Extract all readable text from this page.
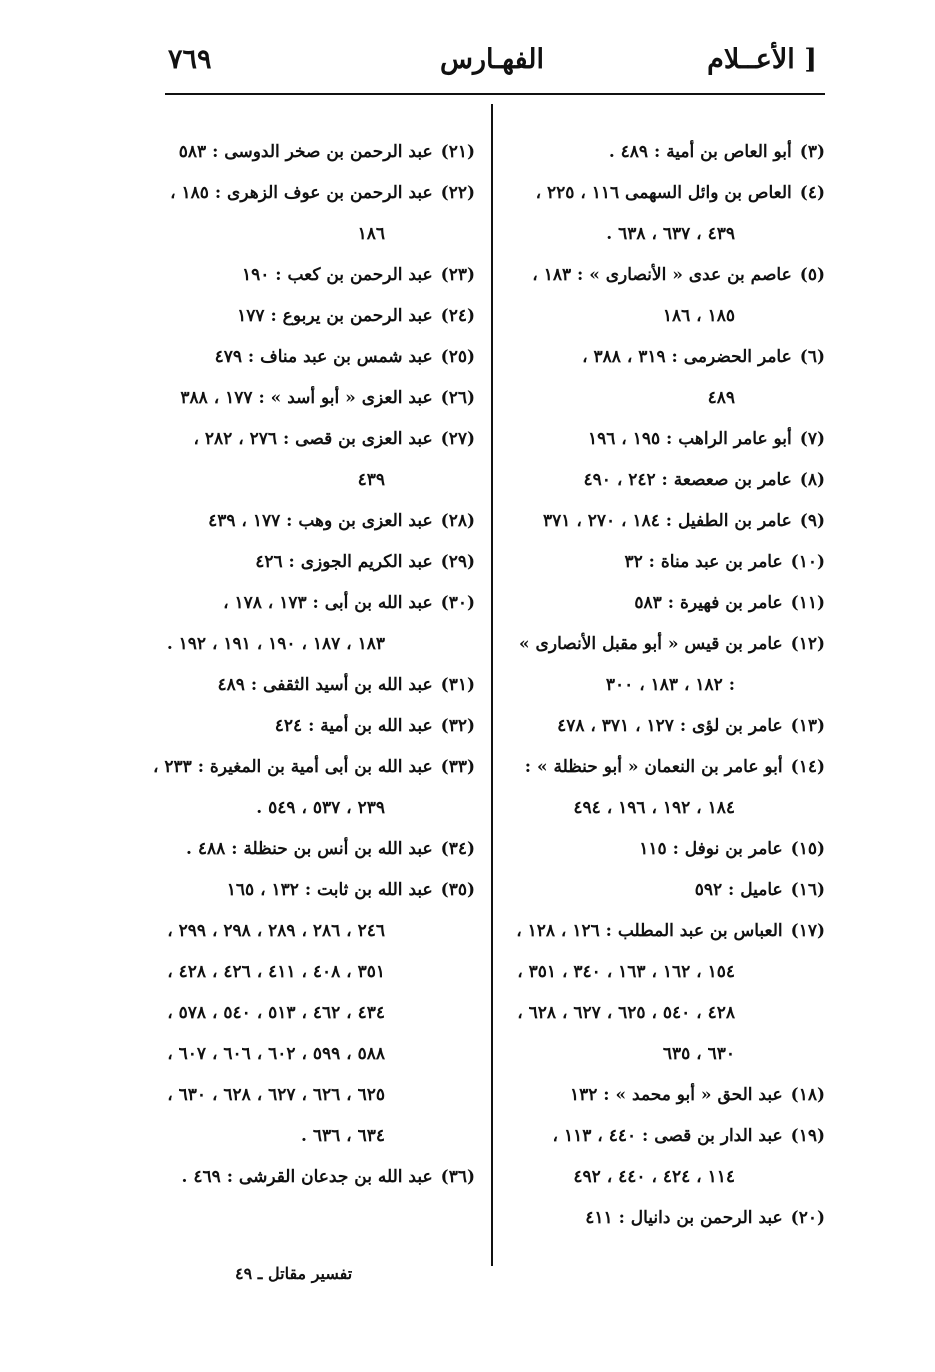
٧٦٩	الفهـارس	الأعــلام ]
(٣)أبو العاص بن أمية : ٤٨٩ .
(٤)العاص بن وائل السهمى ١١٦ ، ٢٢٥ ،
٤٣٩ ، ٦٣٧ ، ٦٣٨ .
(٥)عاصم بن عدى « الأنصارى » : ١٨٣ ،
١٨٥ ، ١٨٦
(٦)عامر الحضرمى : ٣١٩ ، ٣٨٨ ،
٤٨٩
(٧)أبو عامر الراهب : ١٩٥ ، ١٩٦
(٨)عامر بن صعصعة : ٢٤٢ ، ٤٩٠
(٩)عامر بن الطفيل : ١٨٤ ، ٢٧٠ ، ٣٧١
(١٠)عامر بن عبد مناة : ٣٢
(١١)عامر بن فهيرة : ٥٨٣
(١٢)عامر بن قيس « أبو مقبل الأنصارى »
: ١٨٢ ، ١٨٣ ، ٣٠٠
(١٣)عامر بن لؤى : ١٢٧ ، ٣٧١ ، ٤٧٨
(١٤)أبو عامر بن النعمان « أبو حنظلة » :
١٨٤ ، ١٩٢ ، ١٩٦ ، ٤٩٤
(١٥)عامر بن نوفل : ١١٥
(١٦)عاميل : ٥٩٢
(١٧)العباس بن عبد المطلب : ١٢٦ ، ١٢٨ ،
١٥٤ ، ١٦٢ ، ١٦٣ ، ٣٤٠ ، ٣٥١ ،
٤٢٨ ، ٥٤٠ ، ٦٢٥ ، ٦٢٧ ، ٦٢٨ ،
٦٣٠ ، ٦٣٥
(١٨)عبد الحق « أبو محمد » : ١٣٢
(١٩)عبد الدار بن قصى : ٤٤٠ ، ١١٣ ،
١١٤ ، ٤٢٤ ، ٤٤٠ ، ٤٩٢
(٢٠)عبد الرحمن بن دانيال : ٤١١
(٢١)عبد الرحمن بن صخر الدوسى : ٥٨٣
(٢٢)عبد الرحمن بن عوف الزهرى : ١٨٥ ،
١٨٦
(٢٣)عبد الرحمن بن كعب : ١٩٠
(٢٤)عبد الرحمن بن يربوع : ١٧٧
(٢٥)عبد شمس بن عبد مناف : ٤٧٩
(٢٦)عبد العزى « أبو أسد » : ١٧٧ ، ٣٨٨
(٢٧)عبد العزى بن قصى : ٢٧٦ ، ٢٨٢ ،
٤٣٩
(٢٨)عبد العزى بن وهب : ١٧٧ ، ٤٣٩
(٢٩)عبد الكريم الجوزى : ٤٢٦
(٣٠)عبد الله بن أبى : ١٧٣ ، ١٧٨ ،
١٨٣ ، ١٨٧ ، ١٩٠ ، ١٩١ ، ١٩٢ .
(٣١)عبد الله بن أسيد الثقفى : ٤٨٩
(٣٢)عبد الله بن أمية : ٤٢٤
(٣٣)عبد الله بن أبى أمية بن المغيرة : ٢٣٣ ،
٢٣٩ ، ٥٣٧ ، ٥٤٩ .
(٣٤)عبد الله بن أنس بن حنظلة : ٤٨٨ .
(٣٥)عبد الله بن ثابت : ١٣٢ ، ١٦٥
٢٤٦ ، ٢٨٦ ، ٢٨٩ ، ٢٩٨ ، ٢٩٩ ،
٣٥١ ، ٤٠٨ ، ٤١١ ، ٤٢٦ ، ٤٢٨ ،
٤٣٤ ، ٤٦٢ ، ٥١٣ ، ٥٤٠ ، ٥٧٨ ،
٥٨٨ ، ٥٩٩ ، ٦٠٢ ، ٦٠٦ ، ٦٠٧ ،
٦٢٥ ، ٦٢٦ ، ٦٢٧ ، ٦٢٨ ، ٦٣٠ ،
٦٣٤ ، ٦٣٦ .
(٣٦)عبد الله بن جدعان القرشى : ٤٦٩ .
تفسير مقاتل ـ ٤٩
